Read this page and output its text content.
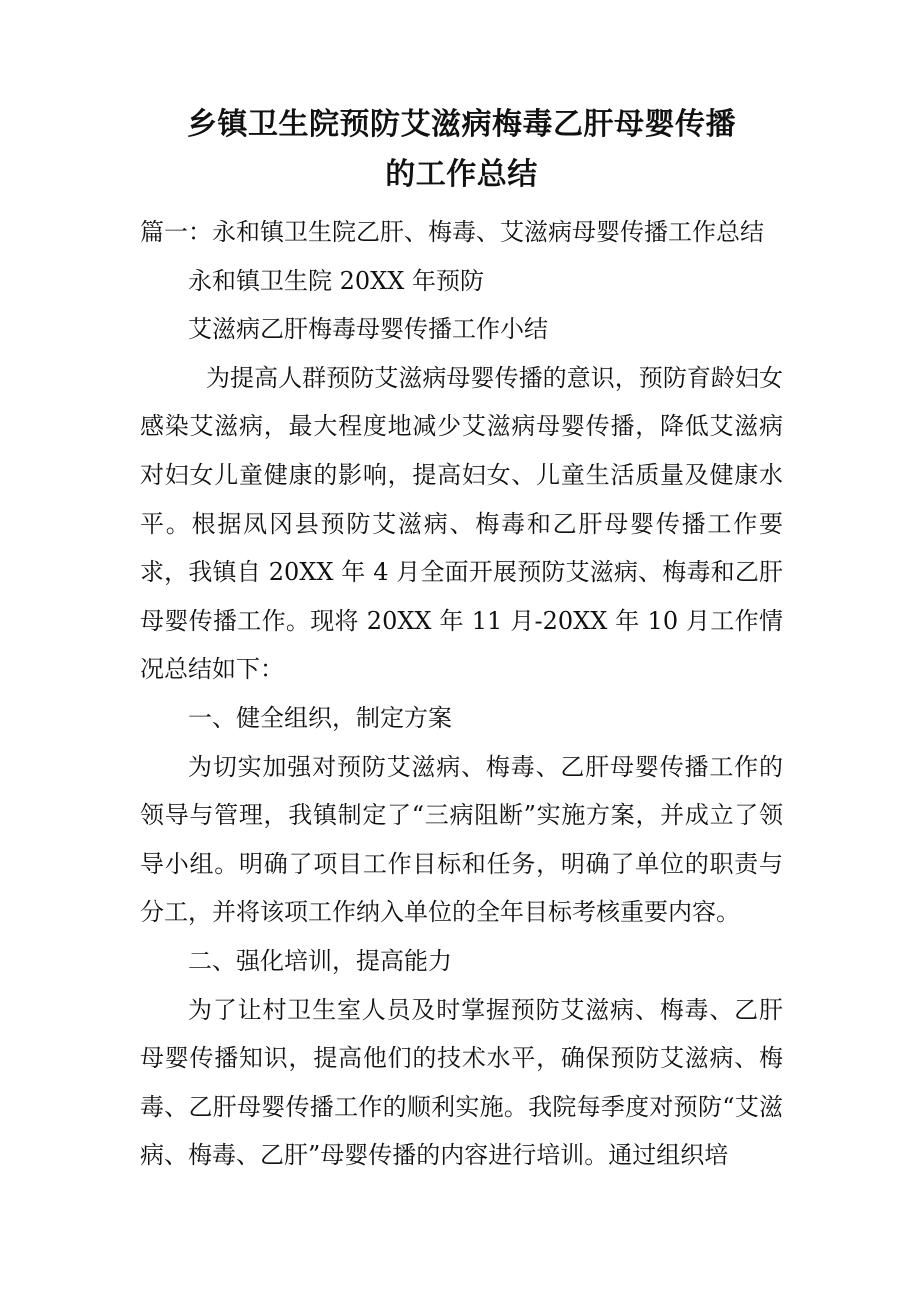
乡镇卫生院预防艾滋病梅毒乙肝母婴传播
的工作总结

篇一：永和镇卫生院乙肝、梅毒、艾滋病母婴传播工作总结

永和镇卫生院 20XX 年预防

艾滋病乙肝梅毒母婴传播工作小结

为提高人群预防艾滋病母婴传播的意识，预防育龄妇女感染艾滋病，最大程度地减少艾滋病母婴传播，降低艾滋病对妇女儿童健康的影响，提高妇女、儿童生活质量及健康水平。根据凤冈县预防艾滋病、梅毒和乙肝母婴传播工作要求，我镇自 20XX 年 4 月全面开展预防艾滋病、梅毒和乙肝母婴传播工作。现将 20XX 年 11 月-20XX 年 10 月工作情况总结如下：

一、健全组织，制定方案

为切实加强对预防艾滋病、梅毒、乙肝母婴传播工作的领导与管理，我镇制定了“三病阻断”实施方案，并成立了领导小组。明确了项目工作目标和任务，明确了单位的职责与分工，并将该项工作纳入单位的全年目标考核重要内容。

二、强化培训，提高能力

为了让村卫生室人员及时掌握预防艾滋病、梅毒、乙肝母婴传播知识，提高他们的技术水平，确保预防艾滋病、梅毒、乙肝母婴传播工作的顺利实施。我院每季度对预防“艾滋病、梅毒、乙肝”母婴传播的内容进行培训。通过组织培
